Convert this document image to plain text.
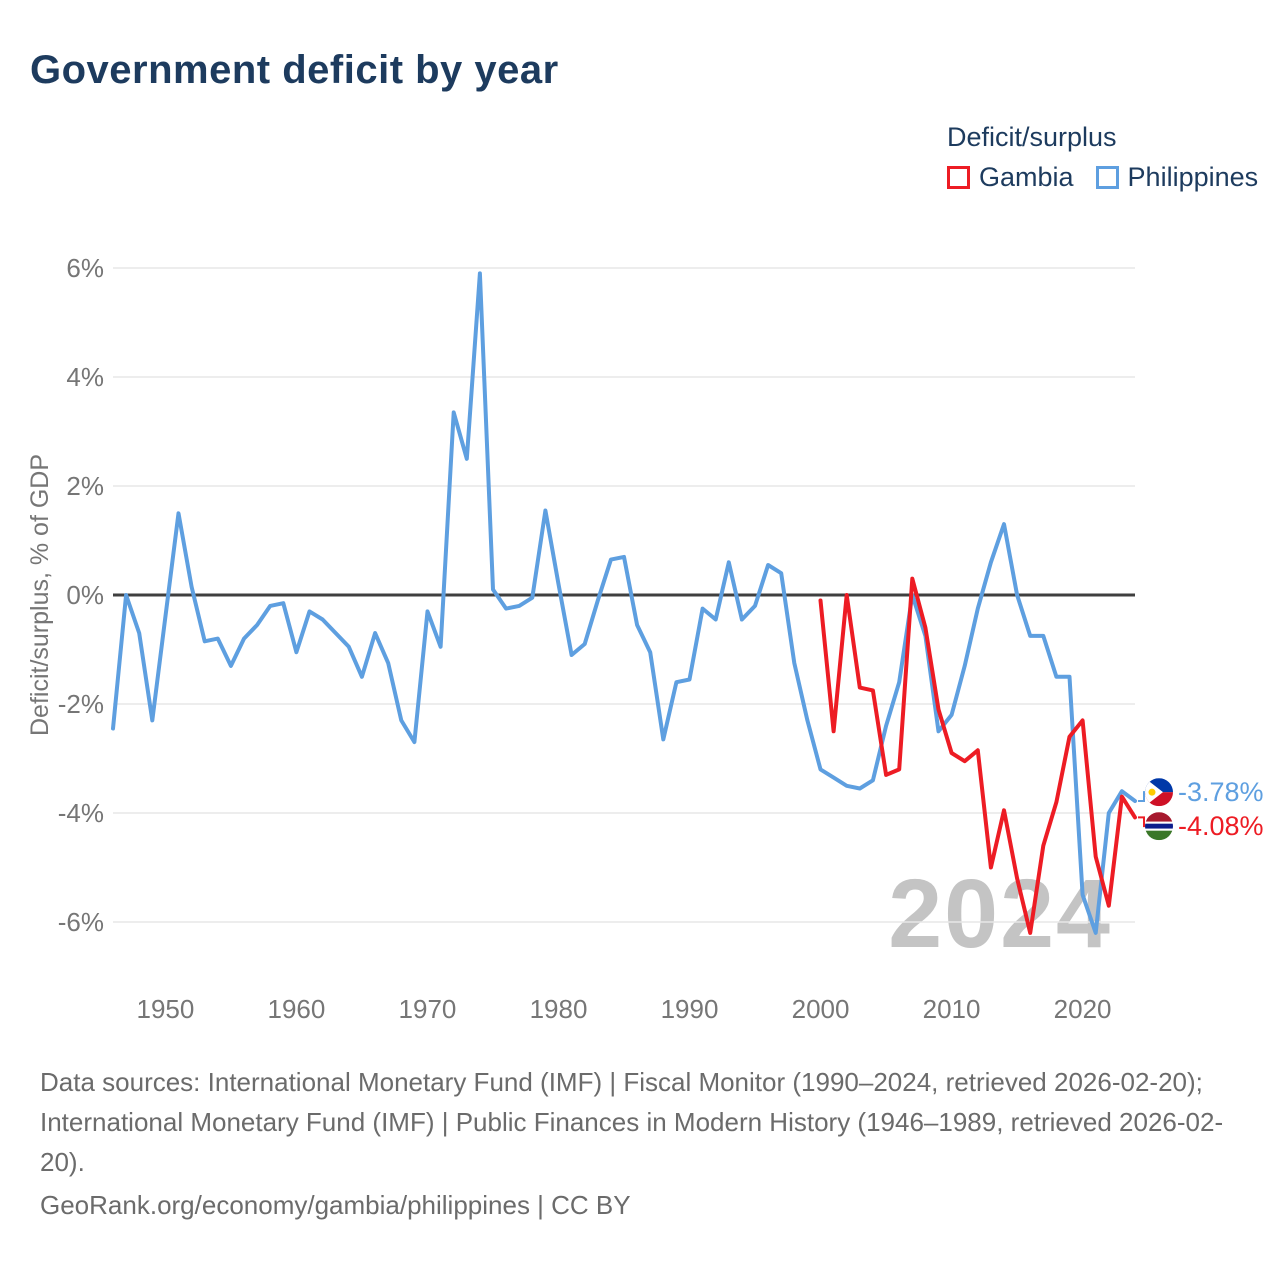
Government deficit by year
Deficit/surplus
Gambia Philippines
2024
6%
4%
2%
0%
-2%
-4%
-6%
1950	1960	1970	1980	1990	2000	2010	2020
Deficit/surplus, % of GDP
-3.78%
-4.08%

Data sources: International Monetary Fund (IMF) | Fiscal Monitor (1990–2024, retrieved 2026-02-20); International Monetary Fund (IMF) | Public Finances in Modern History (1946–1989, retrieved 2026-02-20).

GeoRank.org/economy/gambia/philippines | CC BY
